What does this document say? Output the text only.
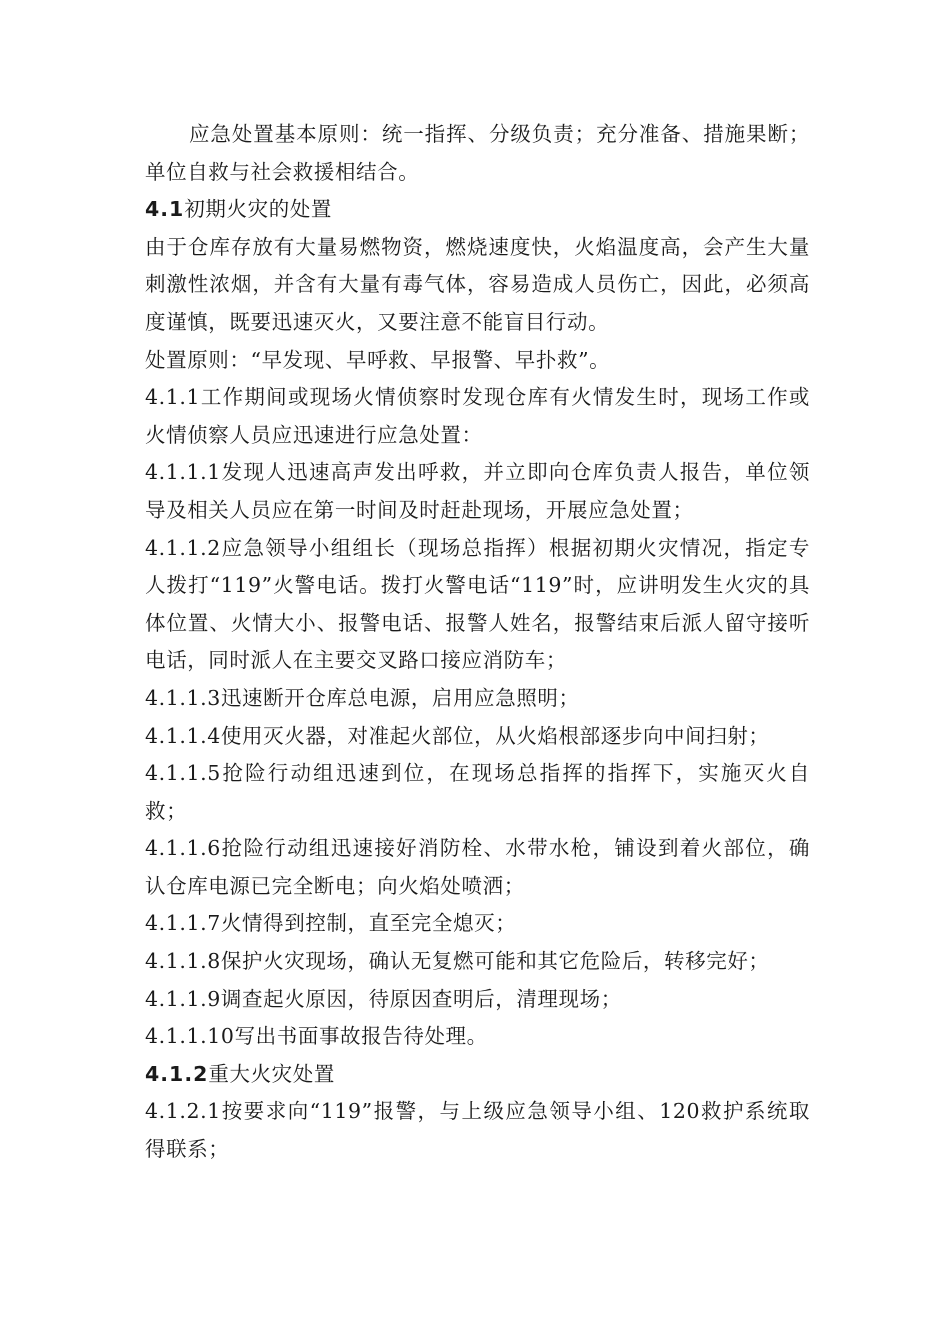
应急处置基本原则：统一指挥、分级负责；充分准备、措施果断；单位自救与社会救援相结合。

4.1初期火灾的处置

由于仓库存放有大量易燃物资，燃烧速度快，火焰温度高，会产生大量刺激性浓烟，并含有大量有毒气体，容易造成人员伤亡，因此，必须高度谨慎，既要迅速灭火，又要注意不能盲目行动。

处置原则：“早发现、早呼救、早报警、早扑救”。

4.1.1工作期间或现场火情侦察时发现仓库有火情发生时，现场工作或火情侦察人员应迅速进行应急处置：

4.1.1.1发现人迅速高声发出呼救，并立即向仓库负责人报告，单位领导及相关人员应在第一时间及时赶赴现场，开展应急处置；

4.1.1.2应急领导小组组长（现场总指挥）根据初期火灾情况，指定专人拨打“119”火警电话。拨打火警电话“119”时，应讲明发生火灾的具体位置、火情大小、报警电话、报警人姓名，报警结束后派人留守接听电话，同时派人在主要交叉路口接应消防车；

4.1.1.3迅速断开仓库总电源，启用应急照明；

4.1.1.4使用灭火器，对准起火部位，从火焰根部逐步向中间扫射；

4.1.1.5抢险行动组迅速到位，在现场总指挥的指挥下，实施灭火自救；

4.1.1.6抢险行动组迅速接好消防栓、水带水枪，铺设到着火部位，确认仓库电源已完全断电；向火焰处喷洒；

4.1.1.7火情得到控制，直至完全熄灭；

4.1.1.8保护火灾现场，确认无复燃可能和其它危险后，转移完好；

4.1.1.9调查起火原因，待原因查明后，清理现场；

4.1.1.10写出书面事故报告待处理。

4.1.2重大火灾处置

4.1.2.1按要求向“119”报警，与上级应急领导小组、120救护系统取得联系；
